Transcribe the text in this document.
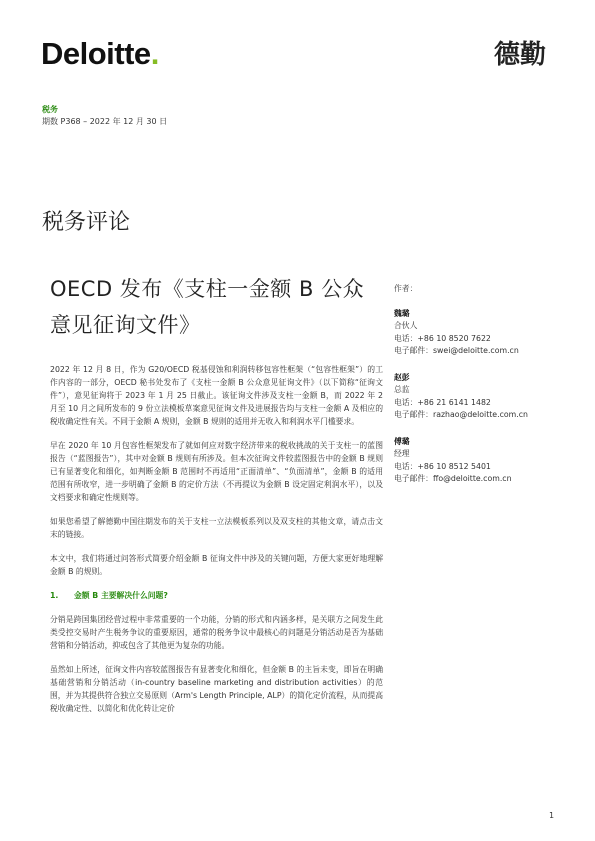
Deloitte.	德勤
税务
期数 P368 – 2022 年 12 月 30 日
税务评论
OECD 发布《支柱一金额 B 公众
意见征询文件》

2022 年 12 月 8 日，作为 G20/OECD 税基侵蚀和利润转移包容性框架（“包容性框架”）的工作内容的一部分，OECD 秘书处发布了《支柱一金额 B 公众意见征询文件》（以下简称“征询文件”），意见征询将于 2023 年 1 月 25 日截止。该征询文件涉及支柱一金额 B，而 2022 年 2 月至 10 月之间所发布的 9 份立法模板草案意见征询文件及进展报告均与支柱一金额 A 及相应的税收确定性有关。不同于金额 A 规则，金额 B 规则的适用并无收入和利润水平门槛要求。

早在 2020 年 10 月包容性框架发布了就如何应对数字经济带来的税收挑战的关于支柱一的蓝图报告（“蓝图报告”），其中对金额 B 规则有所涉及。但本次征询文件较蓝图报告中的金额 B 规则已有显著变化和细化，如判断金额 B 范围时不再适用“正面清单”、“负面清单”，金额 B 的适用范围有所收窄，进一步明确了金额 B 的定价方法（不再提议为金额 B 设定固定利润水平），以及文档要求和确定性规则等。

如果您希望了解德勤中国往期发布的关于支柱一立法模板系列以及双支柱的其他文章，请点击文末的链接。

本文中，我们将通过问答形式简要介绍金额 B 征询文件中涉及的关键问题，方便大家更好地理解金额 B 的规则。

1. 金额 B 主要解决什么问题?

分销是跨国集团经营过程中非常重要的一个功能，分销的形式和内涵多样，是关联方之间发生此类受控交易时产生税务争议的重要原因，通常的税务争议中最核心的问题是分销活动是否为基础营销和分销活动，抑或包含了其他更为复杂的功能。

虽然如上所述，征询文件内容较蓝图报告有显著变化和细化，但金额 B 的主旨未变，即旨在明确基础营销和分销活动（in-country baseline marketing and distribution activities）的范围，并为其提供符合独立交易原则（Arm's Length Principle, ALP）的简化定价流程，从而提高税收确定性、以简化和优化转让定价

作者：
魏璐
合伙人
电话：+86 10 8520 7622
电子邮件：swei@deloitte.com.cn
赵彭
总监
电话：+86 21 6141 1482
电子邮件：razhao@deloitte.com.cn
傅璐
经理
电话：+86 10 8512 5401
电子邮件：ffo@deloitte.com.cn
1
